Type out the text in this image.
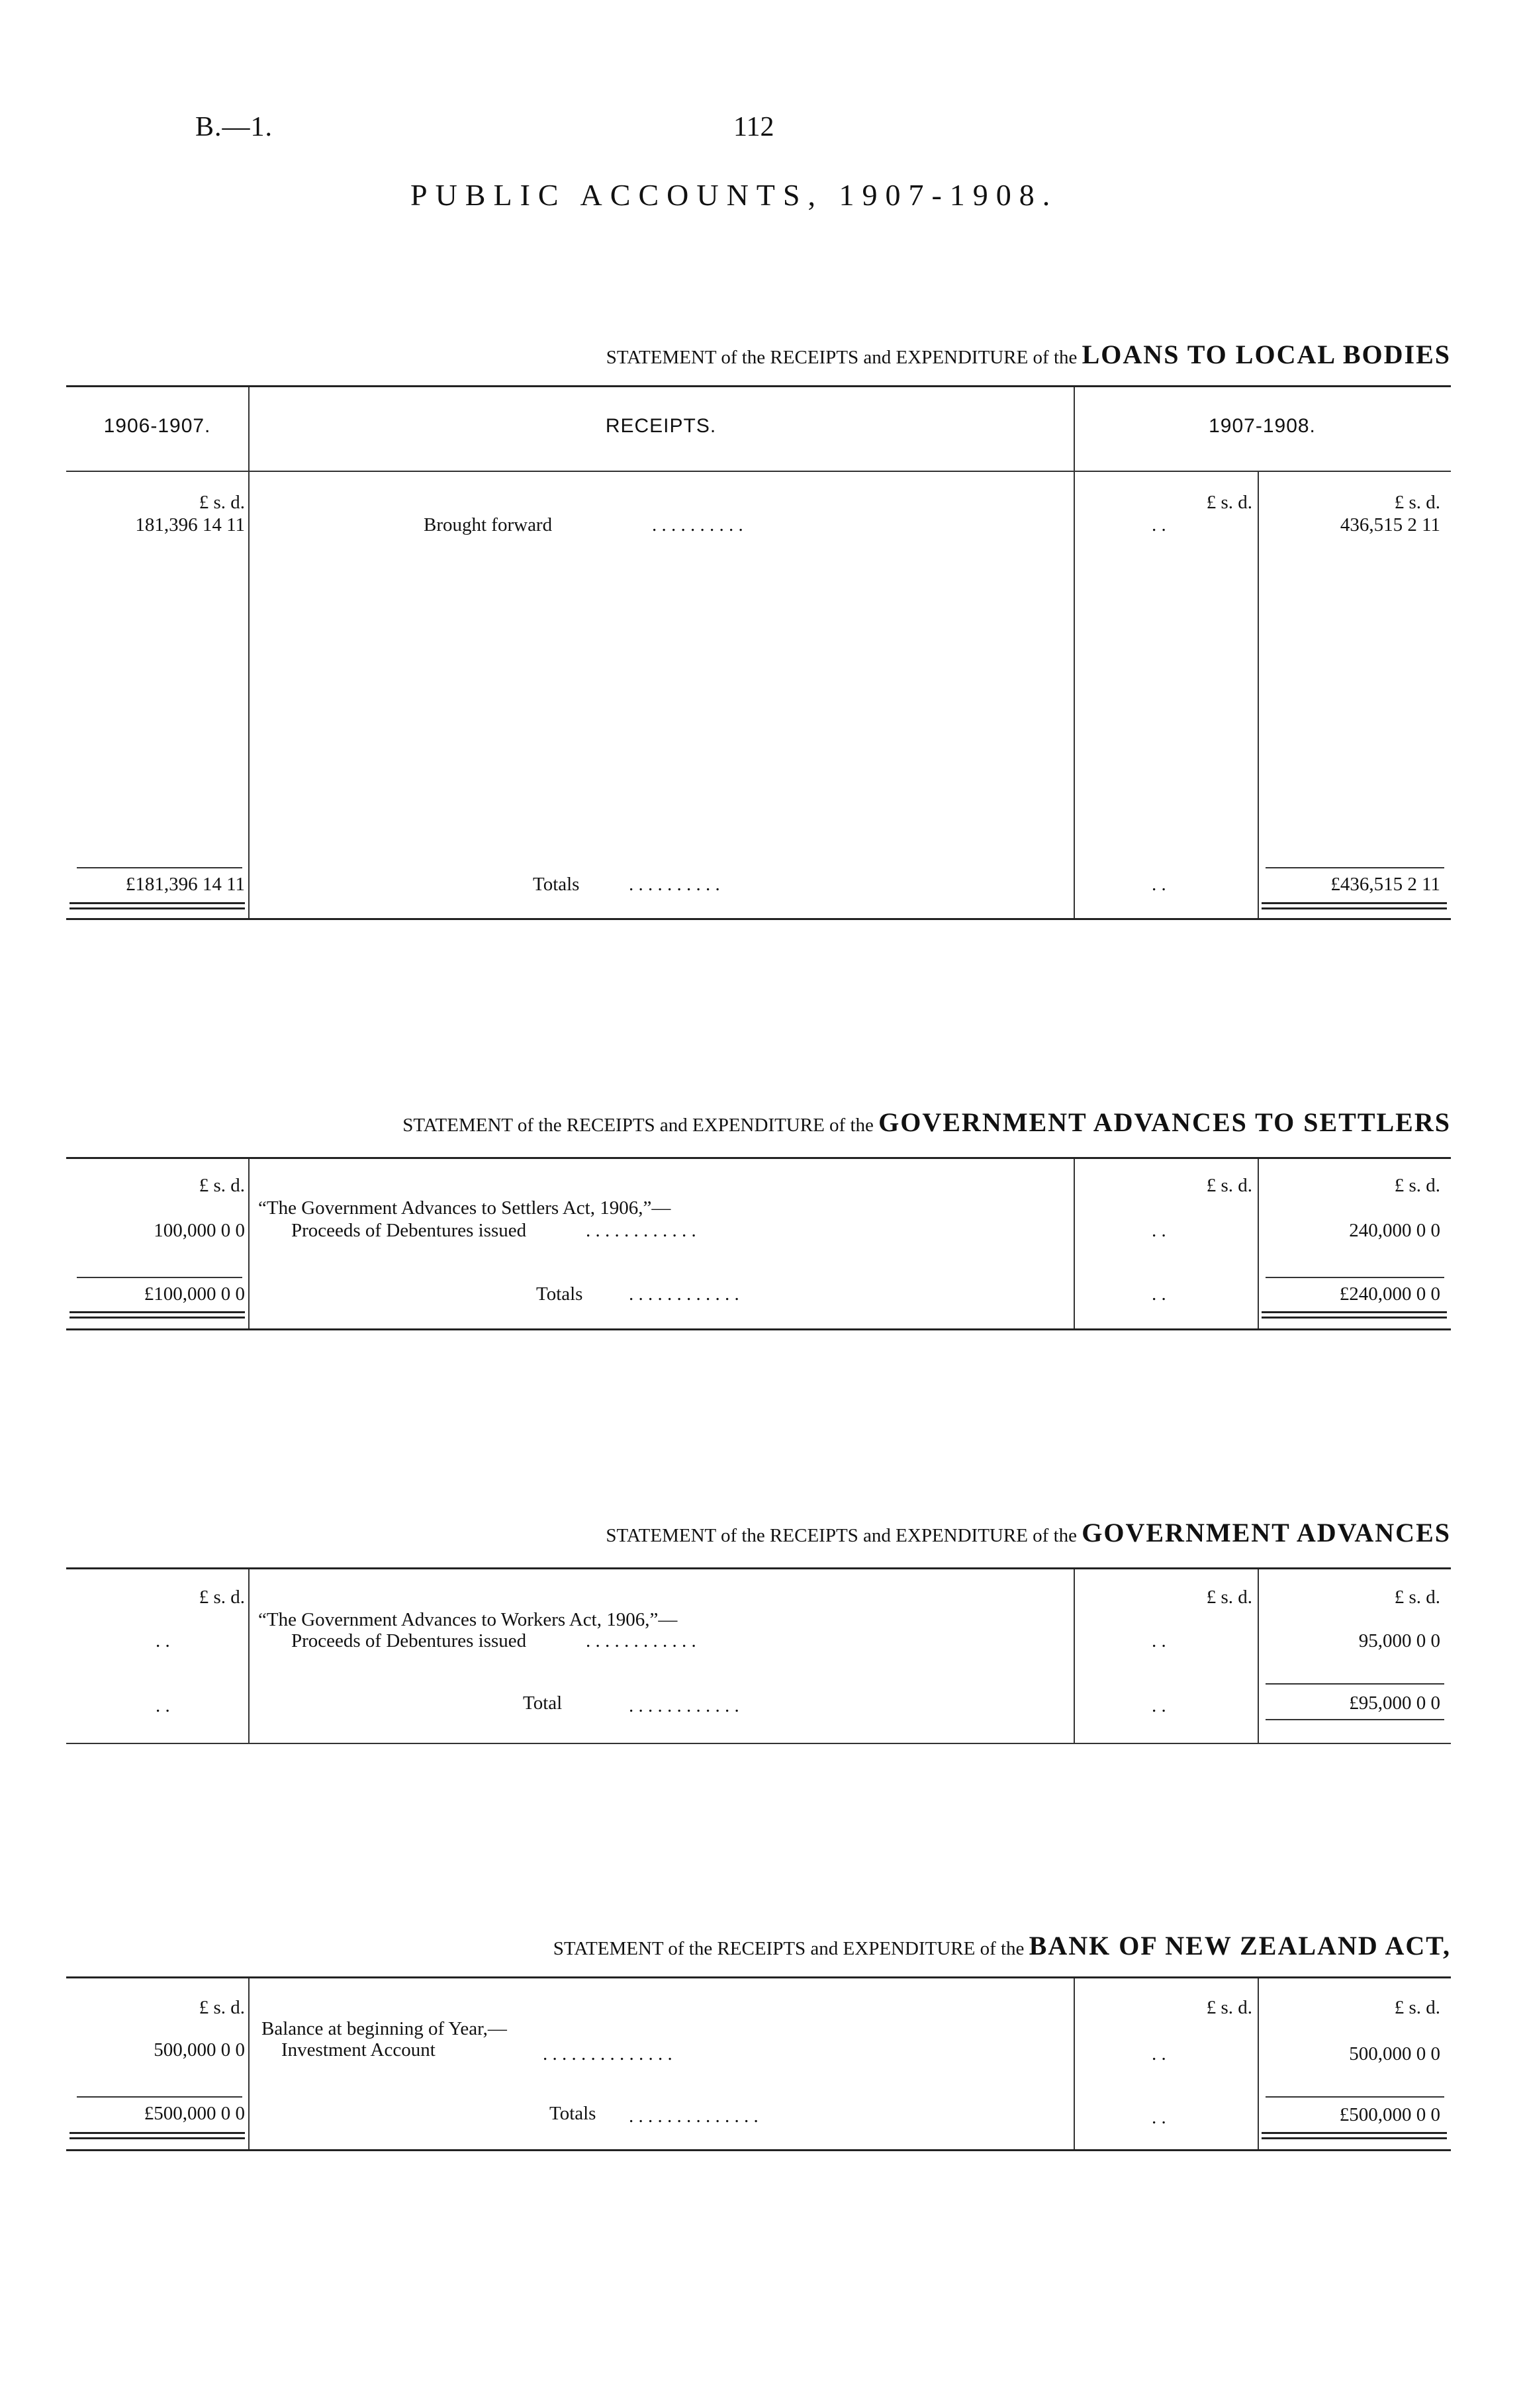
B.—1.	112
PUBLIC ACCOUNTS, 1907-1908.
STATEMENT of the RECEIPTS and EXPENDITURE of the LOANS TO LOCAL BODIES
1906-1907.	RECEIPTS.	1907-1908.
£ s. d.	£ s. d.	£ s. d.
181,396 14 11	Brought forward	. . . . . . . . . .	. .	436,515 2 11
£181,396 14 11	Totals	. . . . . . . . . .	. .	£436,515 2 11
STATEMENT of the RECEIPTS and EXPENDITURE of the GOVERNMENT ADVANCES TO SETTLERS
£ s. d.	£ s. d.	£ s. d.
“The Government Advances to Settlers Act, 1906,”—
100,000 0 0 Proceeds of Debentures issued	. . . . . . . . . . . .	. .	240,000 0 0
£100,000 0 0	Totals . . . . . . . . . . . .	. .	£240,000 0 0
STATEMENT of the RECEIPTS and EXPENDITURE of the GOVERNMENT ADVANCES
£ s. d.	£ s. d.	£ s. d.
“The Government Advances to Workers Act, 1906,”—
. .	Proceeds of Debentures issued	. . . . . . . . . . . .	. .	95,000 0 0
. .	Total	. . . . . . . . . . . .	. .	£95,000 0 0
STATEMENT of the RECEIPTS and EXPENDITURE of the BANK OF NEW ZEALAND ACT,
£ s. d.	£ s. d.	£ s. d.
Balance at beginning of Year,—
500,000 0 0 Investment Account	. . . . . . . . . . . . . .	. .	500,000 0 0
£500,000 0 0	Totals . . . . . . . . . . . . . .	. .	£500,000 0 0
